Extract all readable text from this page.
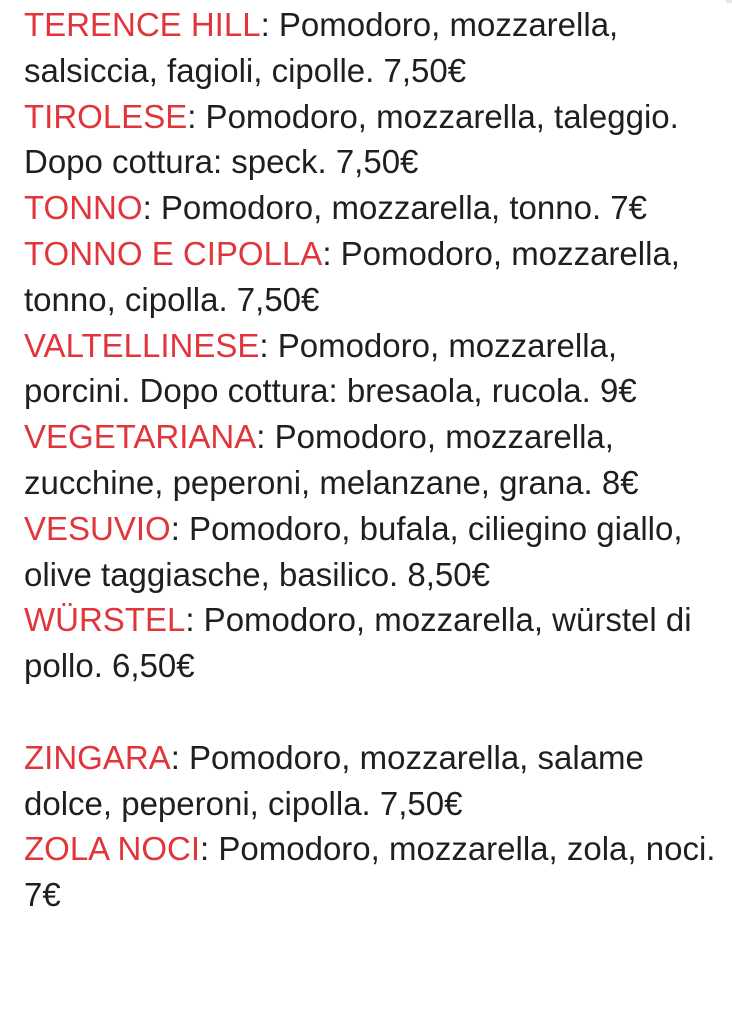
TERENCE HILL: Pomodoro, mozzarella, salsiccia, fagioli, cipolle. 7,50€

TIROLESE: Pomodoro, mozzarella, taleggio. Dopo cottura: speck. 7,50€

TONNO: Pomodoro, mozzarella, tonno. 7€

TONNO E CIPOLLA: Pomodoro, mozzarella, tonno, cipolla. 7,50€

VALTELLINESE: Pomodoro, mozzarella, porcini. Dopo cottura: bresaola, rucola. 9€

VEGETARIANA: Pomodoro, mozzarella, zucchine, peperoni, melanzane, grana. 8€

VESUVIO: Pomodoro, bufala, ciliegino giallo, olive taggiasche, basilico. 8,50€

WÜRSTEL: Pomodoro, mozzarella, würstel di pollo. 6,50€

ZINGARA: Pomodoro, mozzarella, salame dolce, peperoni, cipolla. 7,50€

ZOLA NOCI: Pomodoro, mozzarella, zola, noci. 7€
